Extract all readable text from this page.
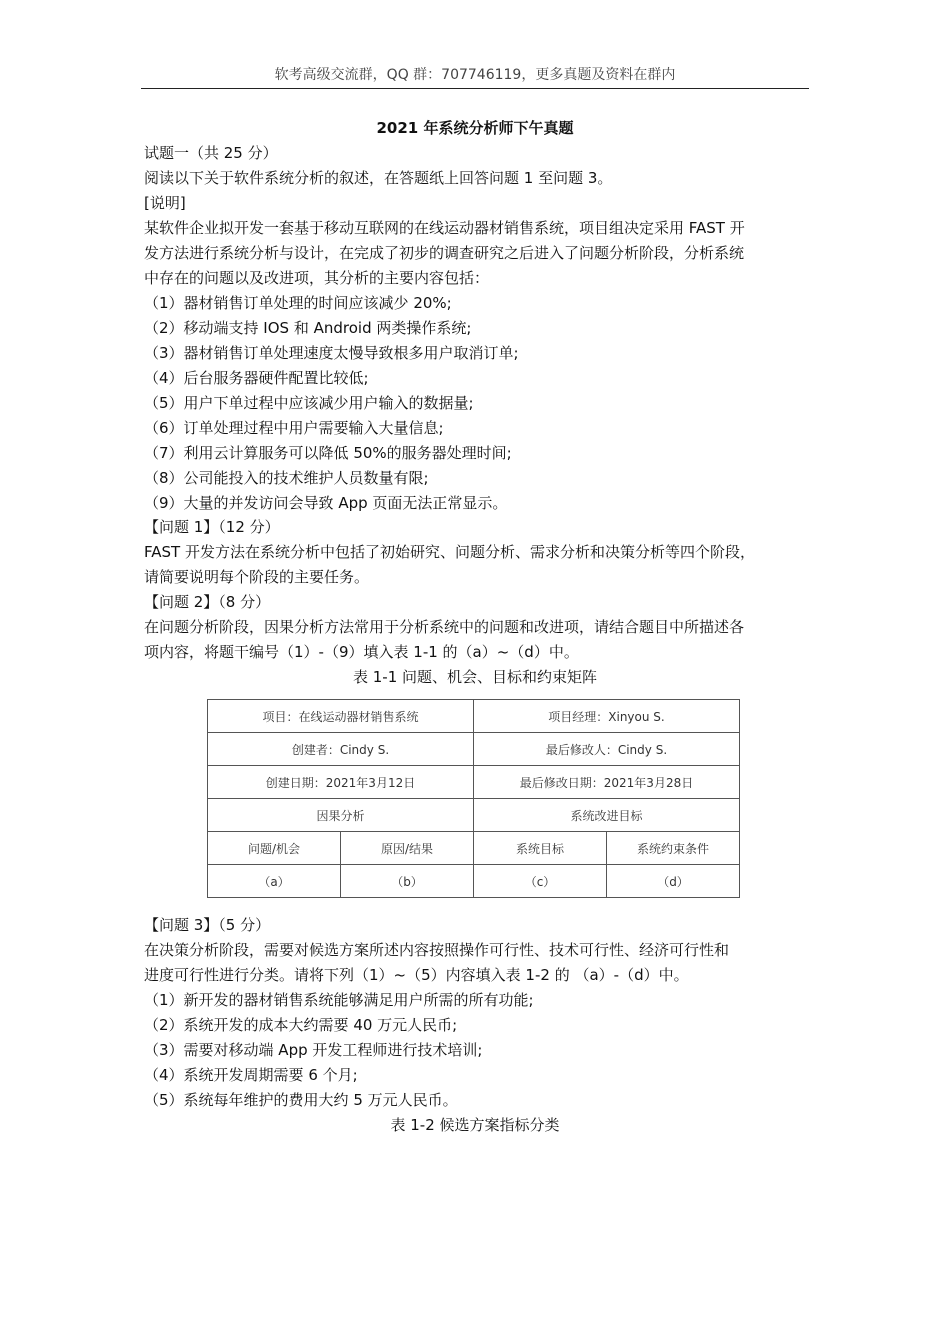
软考高级交流群，QQ 群：707746119，更多真题及资料在群内
2021 年系统分析师下午真题
试题一（共 25 分）
阅读以下关于软件系统分析的叙述，在答题纸上回答问题 1 至问题 3。
[说明]
某软件企业拟开发一套基于移动互联网的在线运动器材销售系统，项目组决定采用 FAST 开
发方法进行系统分析与设计，在完成了初步的调查研究之后进入了问题分析阶段，分析系统
中存在的问题以及改进项，其分析的主要内容包括：
（1）器材销售订单处理的时间应该减少 20%;
（2）移动端支持 IOS 和 Android 两类操作系统;
（3）器材销售订单处理速度太慢导致根多用户取消订单;
（4）后台服务器硬件配置比较低;
（5）用户下单过程中应该减少用户输入的数据量;
（6）订单处理过程中用户需要输入大量信息;
（7）利用云计算服务可以降低 50%的服务器处理时间;
（8）公司能投入的技术维护人员数量有限;
（9）大量的并发访问会导致 App 页面无法正常显示。
【问题 1】（12 分）
FAST 开发方法在系统分析中包括了初始研究、问题分析、需求分析和决策分析等四个阶段，
请简要说明每个阶段的主要任务。
【问题 2】（8 分）
在问题分析阶段，因果分析方法常用于分析系统中的问题和改进项，请结合题目中所描述各
项内容，将题干编号（1）-（9）填入表 1-1 的（a）~（d）中。
表 1-1 问题、机会、目标和约束矩阵
项目：在线运动器材销售系统		项目经理：Xinyou S.	
创建者：Cindy S.		最后修改人：Cindy S.	
创建日期：2021年3月12日		最后修改日期：2021年3月28日	
因果分析		系统改进目标	
问题/机会	原因/结果	系统目标	系统约束条件
（a）	（b）	（c）	（d）
【问题 3】（5 分）
在决策分析阶段，需要对候选方案所述内容按照操作可行性、技术可行性、经济可行性和
进度可行性进行分类。请将下列（1）~（5）内容填入表 1-2 的 （a）-（d）中。
（1）新开发的器材销售系统能够满足用户所需的所有功能;
（2）系统开发的成本大约需要 40 万元人民币;
（3）需要对移动端 App 开发工程师进行技术培训;
（4）系统开发周期需要 6 个月;
（5）系统每年维护的费用大约 5 万元人民币。
表 1-2 候选方案指标分类
